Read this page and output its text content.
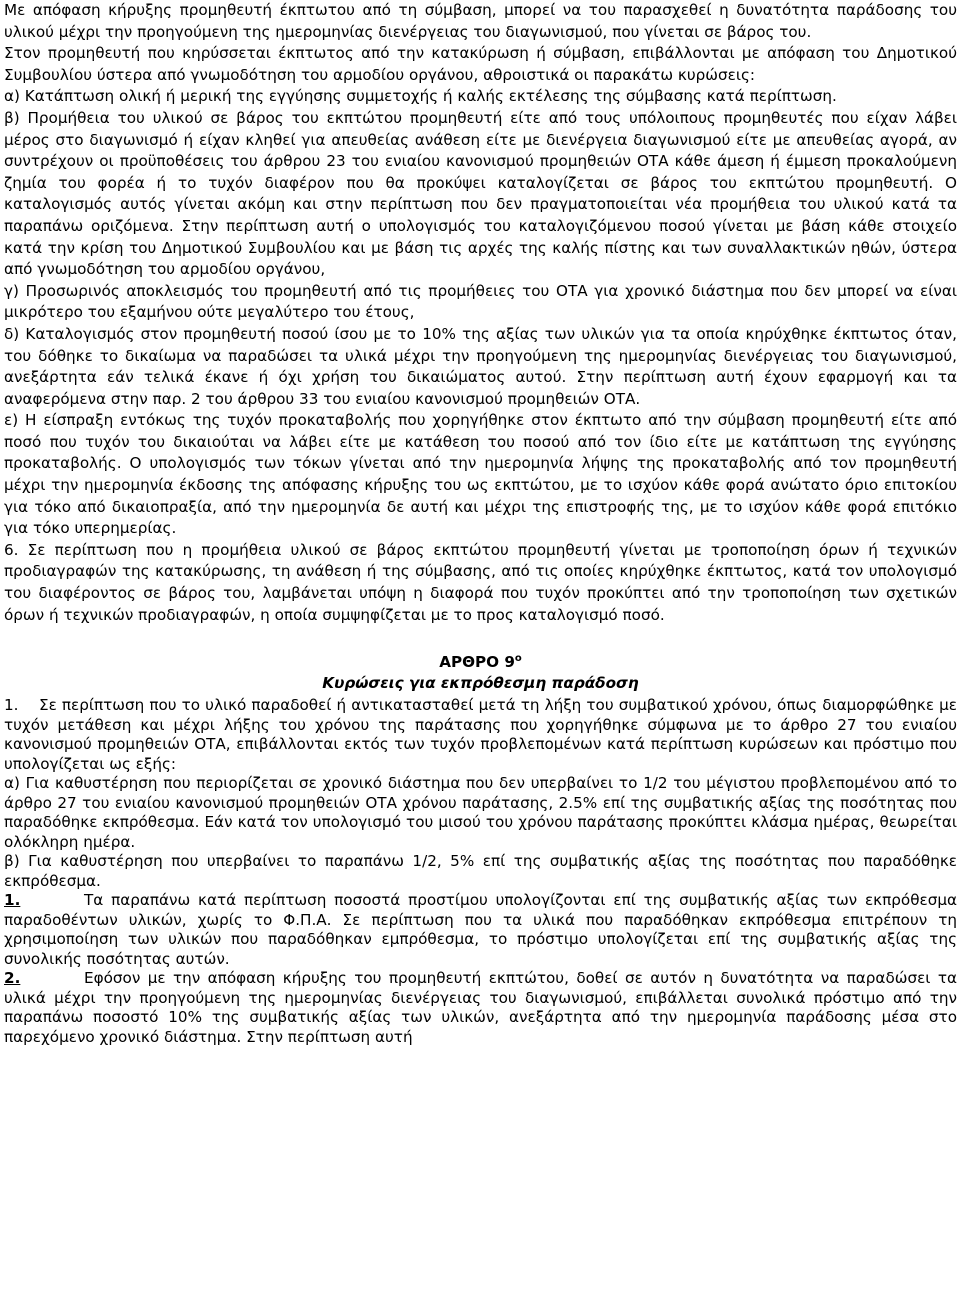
Με απόφαση κήρυξης προμηθευτή έκπτωτου από τη σύμβαση, μπορεί να του παρασχεθεί η δυνατότητα παράδοσης του υλικού μέχρι την προηγούμενη της ημερομηνίας διενέργειας του διαγωνισμού, που γίνεται σε βάρος του.

Στον προμηθευτή που κηρύσσεται έκπτωτος από την κατακύρωση ή σύμβαση, επιβάλλονται με απόφαση του Δημοτικού Συμβουλίου ύστερα από γνωμοδότηση του αρμοδίου οργάνου, αθροιστικά οι παρακάτω κυρώσεις:

α) Κατάπτωση ολική ή μερική της εγγύησης συμμετοχής ή καλής εκτέλεσης της σύμβασης κατά περίπτωση.

β) Προμήθεια του υλικού σε βάρος του εκπτώτου προμηθευτή είτε από τους υπόλοιπους προμηθευτές που είχαν λάβει μέρος στο διαγωνισμό ή είχαν κληθεί για απευθείας ανάθεση είτε με διενέργεια διαγωνισμού είτε με απευθείας αγορά, αν συντρέχουν οι προϋποθέσεις του άρθρου 23 του ενιαίου κανονισμού προμηθειών ΟΤΑ κάθε άμεση ή έμμεση προκαλούμενη ζημία του φορέα ή το τυχόν διαφέρον που θα προκύψει καταλογίζεται σε βάρος του εκπτώτου προμηθευτή. Ο καταλογισμός αυτός γίνεται ακόμη και στην περίπτωση που δεν πραγματοποιείται νέα προμήθεια του υλικού κατά τα παραπάνω οριζόμενα. Στην περίπτωση αυτή ο υπολογισμός του καταλογιζόμενου ποσού γίνεται με βάση κάθε στοιχείο κατά την κρίση του Δημοτικού Συμβουλίου και με βάση τις αρχές της καλής πίστης και των συναλλακτικών ηθών, ύστερα από γνωμοδότηση του αρμοδίου οργάνου,

γ) Προσωρινός αποκλεισμός του προμηθευτή από τις προμήθειες του ΟΤΑ για χρονικό διάστημα που δεν μπορεί να είναι μικρότερο του εξαμήνου ούτε μεγαλύτερο του έτους,

δ) Καταλογισμός στον προμηθευτή ποσού ίσου με το 10% της αξίας των υλικών για τα οποία κηρύχθηκε έκπτωτος όταν, του δόθηκε το δικαίωμα να παραδώσει τα υλικά μέχρι την προηγούμενη της ημερομηνίας διενέργειας του διαγωνισμού, ανεξάρτητα εάν τελικά έκανε ή όχι χρήση του δικαιώματος αυτού. Στην περίπτωση αυτή έχουν εφαρμογή και τα αναφερόμενα στην παρ. 2 του άρθρου 33 του ενιαίου κανονισμού προμηθειών ΟΤΑ.

ε) Η είσπραξη εντόκως της τυχόν προκαταβολής που χορηγήθηκε στον έκπτωτο από την σύμβαση προμηθευτή είτε από ποσό που τυχόν του δικαιούται να λάβει είτε με κατάθεση του ποσού από τον ίδιο είτε με κατάπτωση της εγγύησης προκαταβολής. Ο υπολογισμός των τόκων γίνεται από την ημερομηνία λήψης της προκαταβολής από τον προμηθευτή μέχρι την ημερομηνία έκδοσης της απόφασης κήρυξης του ως εκπτώτου, με το ισχύον κάθε φορά ανώτατο όριο επιτοκίου για τόκο από δικαιοπραξία, από την ημερομηνία δε αυτή και μέχρι της επιστροφής της, με το ισχύον κάθε φορά επιτόκιο για τόκο υπερημερίας.

6. Σε περίπτωση που η προμήθεια υλικού σε βάρος εκπτώτου προμηθευτή γίνεται με τροποποίηση όρων ή τεχνικών προδιαγραφών της κατακύρωσης, τη ανάθεση ή της σύμβασης, από τις οποίες κηρύχθηκε έκπτωτος, κατά τον υπολογισμό του διαφέροντος σε βάρος του, λαμβάνεται υπόψη η διαφορά που τυχόν προκύπτει από την τροποποίηση των σχετικών όρων ή τεχνικών προδιαγραφών, η οποία συμψηφίζεται με το προς καταλογισμό ποσό.

ΑΡΘΡΟ $9^o$
Κυρώσεις για εκπρόθεσμη παράδοση

1. Σε περίπτωση που το υλικό παραδοθεί ή αντικατασταθεί μετά τη λήξη του συμβατικού χρόνου, όπως διαμορφώθηκε με τυχόν μετάθεση και μέχρι λήξης του χρόνου της παράτασης που χορηγήθηκε σύμφωνα με το άρθρο 27 του ενιαίου κανονισμού προμηθειών ΟΤΑ, επιβάλλονται εκτός των τυχόν προβλεπομένων κατά περίπτωση κυρώσεων και πρόστιμο που υπολογίζεται ως εξής:

α) Για καθυστέρηση που περιορίζεται σε χρονικό διάστημα που δεν υπερβαίνει το 1/2 του μέγιστου προβλεπομένου από το άρθρο 27 του ενιαίου κανονισμού προμηθειών ΟΤΑ χρόνου παράτασης, 2.5% επί της συμβατικής αξίας της ποσότητας που παραδόθηκε εκπρόθεσμα. Εάν κατά τον υπολογισμό του μισού του χρόνου παράτασης προκύπτει κλάσμα ημέρας, θεωρείται ολόκληρη ημέρα.

β) Για καθυστέρηση που υπερβαίνει το παραπάνω 1/2, 5% επί της συμβατικής αξίας της ποσότητας που παραδόθηκε εκπρόθεσμα.

1.	Τα παραπάνω κατά περίπτωση ποσοστά προστίμου υπολογίζονται επί της συμβατικής αξίας των εκπρόθεσμα παραδοθέντων υλικών, χωρίς το Φ.Π.Α. Σε περίπτωση που τα υλικά που παραδόθηκαν εκπρόθεσμα επιτρέπουν τη χρησιμοποίηση των υλικών που παραδόθηκαν εμπρόθεσμα, το πρόστιμο υπολογίζεται επί της συμβατικής αξίας της συνολικής ποσότητας αυτών.

2.	Εφόσον με την απόφαση κήρυξης του προμηθευτή εκπτώτου, δοθεί σε αυτόν η δυνατότητα να παραδώσει τα υλικά μέχρι την προηγούμενη της ημερομηνίας διενέργειας του διαγωνισμού, επιβάλλεται συνολικά πρόστιμο από την παραπάνω ποσοστό 10% της συμβατικής αξίας των υλικών, ανεξάρτητα από την ημερομηνία παράδοσης μέσα στο παρεχόμενο χρονικό διάστημα. Στην περίπτωση αυτή
